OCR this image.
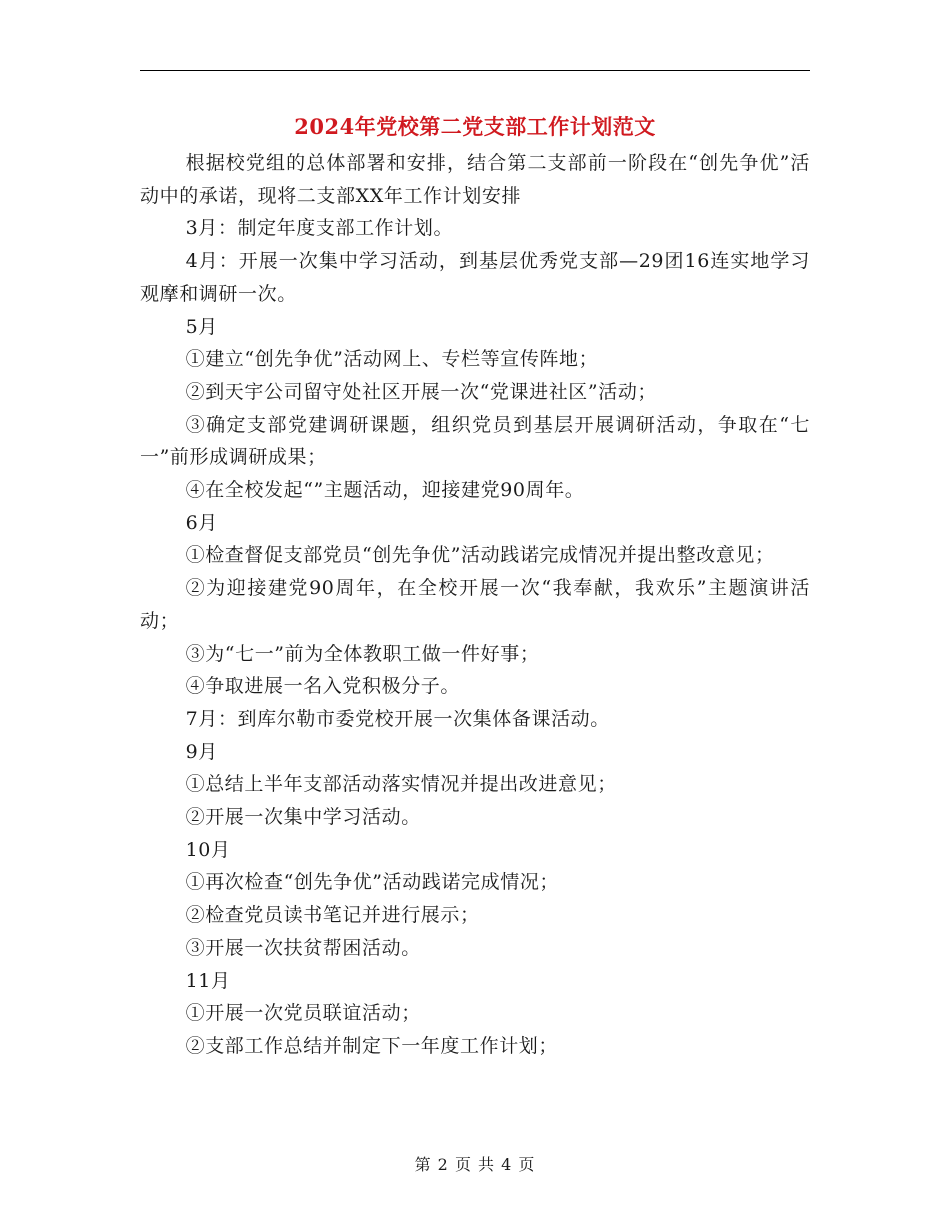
2024年党校第二党支部工作计划范文

根据校党组的总体部署和安排，结合第二支部前一阶段在“创先争优”活动中的承诺，现将二支部XX年工作计划安排

3月：制定年度支部工作计划。

4月：开展一次集中学习活动，到基层优秀党支部—29团16连实地学习观摩和调研一次。

5月

①建立“创先争优”活动网上、专栏等宣传阵地；

②到天宇公司留守处社区开展一次“党课进社区”活动；

③确定支部党建调研课题，组织党员到基层开展调研活动，争取在“七一”前形成调研成果；

④在全校发起“”主题活动，迎接建党90周年。

6月

①检查督促支部党员“创先争优”活动践诺完成情况并提出整改意见；

②为迎接建党90周年，在全校开展一次“我奉献，我欢乐”主题演讲活动；

③为“七一”前为全体教职工做一件好事；

④争取进展一名入党积极分子。

7月：到库尔勒市委党校开展一次集体备课活动。

9月

①总结上半年支部活动落实情况并提出改进意见；

②开展一次集中学习活动。

10月

①再次检查“创先争优”活动践诺完成情况；

②检查党员读书笔记并进行展示；

③开展一次扶贫帮困活动。

11月

①开展一次党员联谊活动；

②支部工作总结并制定下一年度工作计划；

第 2 页 共 4 页
